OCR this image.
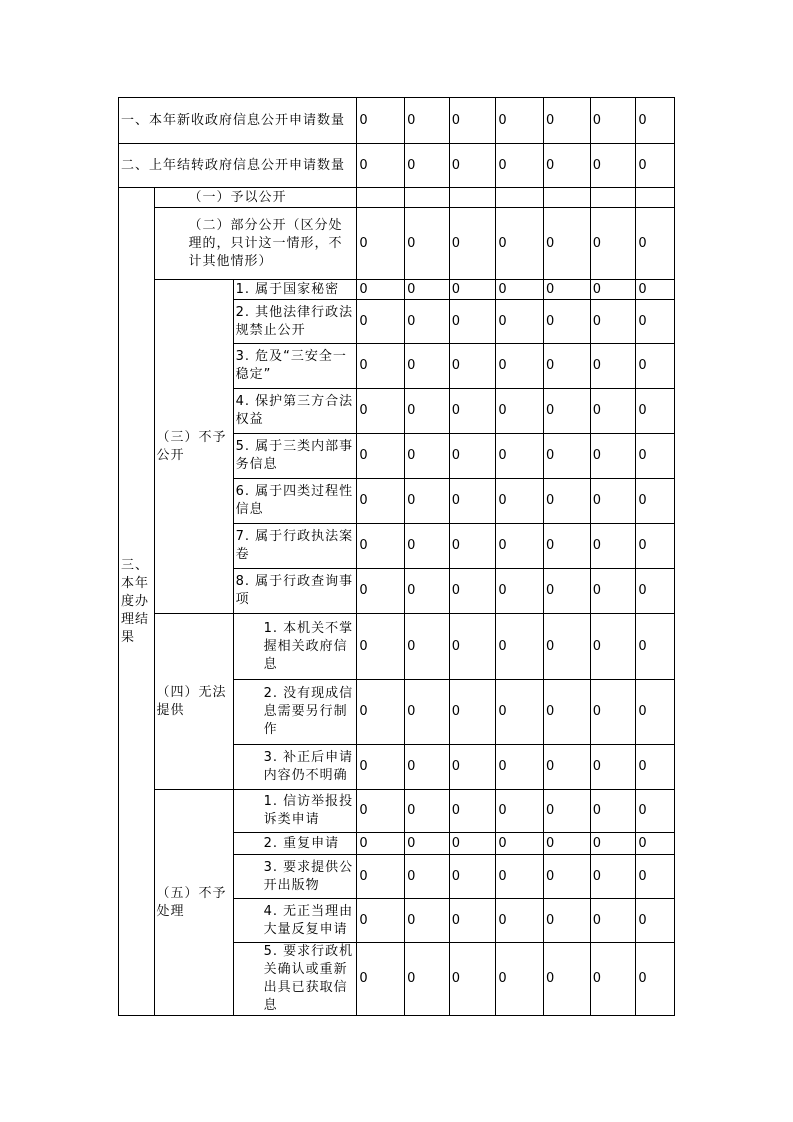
一、本年新收政府信息公开申请数量			0	0	0	0	0	0	0
二、上年结转政府信息公开申请数量			0	0	0	0	0	0	0
三、本年度办理结果	（一）予以公开								
	（二）部分公开（区分处理的，只计这一情形，不计其他情形）		0	0	0	0	0	0	0
	（三）不予公开	1. 属于国家秘密	0	0	0	0	0	0	0
		2. 其他法律行政法规禁止公开	0	0	0	0	0	0	0
		3. 危及“三安全一稳定”	0	0	0	0	0	0	0
		4. 保护第三方合法权益	0	0	0	0	0	0	0
		5. 属于三类内部事务信息	0	0	0	0	0	0	0
		6. 属于四类过程性信息	0	0	0	0	0	0	0
		7. 属于行政执法案卷	0	0	0	0	0	0	0
		8. 属于行政查询事项	0	0	0	0	0	0	0
	（四）无法提供	1. 本机关不掌握相关政府信息	0	0	0	0	0	0	0
		2. 没有现成信息需要另行制作	0	0	0	0	0	0	0
		3. 补正后申请内容仍不明确	0	0	0	0	0	0	0
	（五）不予处理	1. 信访举报投诉类申请	0	0	0	0	0	0	0
		2. 重复申请	0	0	0	0	0	0	0
		3. 要求提供公开出版物	0	0	0	0	0	0	0
		4. 无正当理由大量反复申请	0	0	0	0	0	0	0
		5. 要求行政机关确认或重新出具已获取信息	0	0	0	0	0	0	0
